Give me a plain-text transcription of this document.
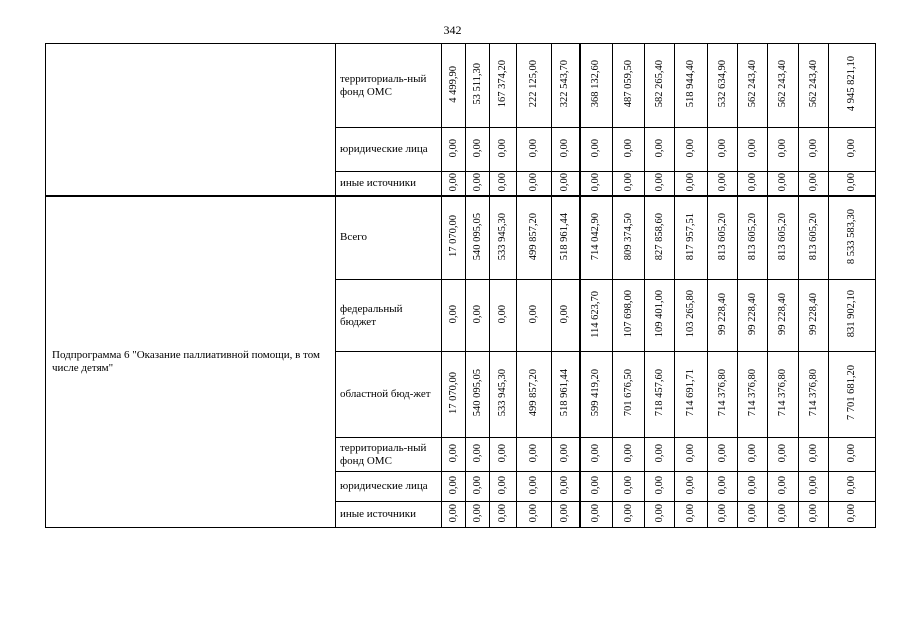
342
	территориаль-ный фонд ОМС	4 499,90	53 511,30	167 374,20	222 125,00	322 543,70	368 132,60	487 059,50	582 265,40	518 944,40	532 634,90	562 243,40	562 243,40	562 243,40	4 945 821,10
	юридические лица	0,00	0,00	0,00	0,00	0,00	0,00	0,00	0,00	0,00	0,00	0,00	0,00	0,00	0,00
	иные источники	0,00	0,00	0,00	0,00	0,00	0,00	0,00	0,00	0,00	0,00	0,00	0,00	0,00	0,00
Подпрограмма 6 "Оказание паллиативной помощи, в том числе детям"	Всего	17 070,00	540 095,05	533 945,30	499 857,20	518 961,44	714 042,90	809 374,50	827 858,60	817 957,51	813 605,20	813 605,20	813 605,20	813 605,20	8 533 583,30
	федеральный бюджет	0,00	0,00	0,00	0,00	0,00	114 623,70	107 698,00	109 401,00	103 265,80	99 228,40	99 228,40	99 228,40	99 228,40	831 902,10
	областной бюд-жет	17 070,00	540 095,05	533 945,30	499 857,20	518 961,44	599 419,20	701 676,50	718 457,60	714 691,71	714 376,80	714 376,80	714 376,80	714 376,80	7 701 681,20
	территориаль-ный фонд ОМС	0,00	0,00	0,00	0,00	0,00	0,00	0,00	0,00	0,00	0,00	0,00	0,00	0,00	0,00
	юридические лица	0,00	0,00	0,00	0,00	0,00	0,00	0,00	0,00	0,00	0,00	0,00	0,00	0,00	0,00
	иные источники	0,00	0,00	0,00	0,00	0,00	0,00	0,00	0,00	0,00	0,00	0,00	0,00	0,00	0,00
